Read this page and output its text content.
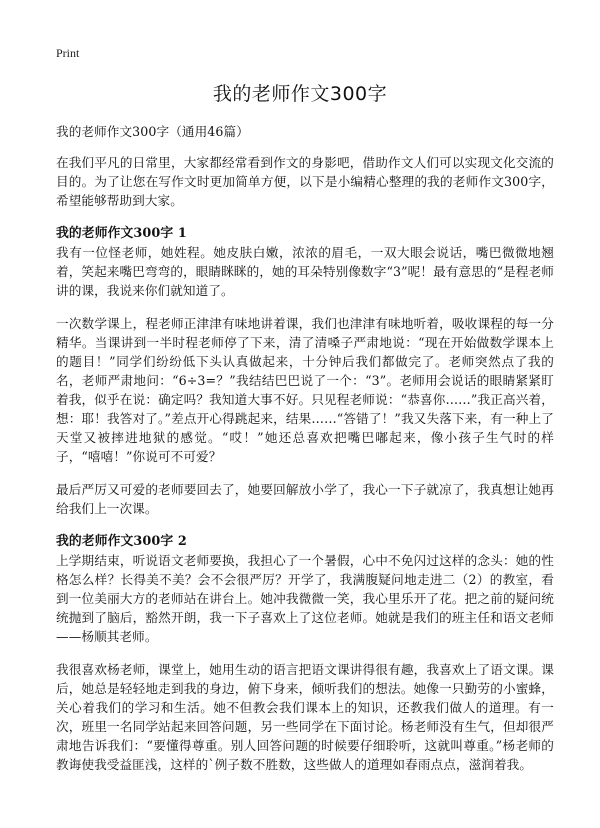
Print
我的老师作文300字

我的老师作文300字（通用46篇）

在我们平凡的日常里，大家都经常看到作文的身影吧，借助作文人们可以实现文化交流的目的。为了让您在写作文时更加简单方便，以下是小编精心整理的我的老师作文300字，希望能够帮助到大家。

我的老师作文300字 1

我有一位怪老师，她姓程。她皮肤白嫩，浓浓的眉毛，一双大眼会说话，嘴巴微微地翘着，笑起来嘴巴弯弯的，眼睛眯眯的，她的耳朵特别像数字“3”呢！最有意思的“是程老师讲的课，我说来你们就知道了。

一次数学课上，程老师正津津有味地讲着课，我们也津津有味地听着，吸收课程的每一分精华。当课讲到一半时程老师停了下来，清了清嗓子严肃地说：“现在开始做数学课本上的题目！”同学们纷纷低下头认真做起来，十分钟后我们都做完了。老师突然点了我的名，老师严肃地问：“6÷3=？”我结结巴巴说了一个：“3”。老师用会说话的眼睛紧紧盯着我，似乎在说：确定吗？我知道大事不好。只见程老师说：“恭喜你……”我正高兴着，想：耶！我答对了。”差点开心得跳起来，结果……“答错了！”我又失落下来，有一种上了天堂又被摔进地狱的感觉。“哎！”她还总喜欢把嘴巴嘟起来，像小孩子生气时的样子，“嘻嘻！”你说可不可爱？

最后严厉又可爱的老师要回去了，她要回解放小学了，我心一下子就凉了，我真想让她再给我们上一次课。

我的老师作文300字 2

上学期结束，听说语文老师要换，我担心了一个暑假，心中不免闪过这样的念头：她的性格怎么样？长得美不美？会不会很严厉？开学了，我满腹疑问地走进二（2）的教室，看到一位美丽大方的老师站在讲台上。她冲我微微一笑，我心里乐开了花。把之前的疑问统统抛到了脑后，豁然开朗，我一下子喜欢上了这位老师。她就是我们的班主任和语文老师——杨顺其老师。

我很喜欢杨老师，课堂上，她用生动的语言把语文课讲得很有趣，我喜欢上了语文课。课后，她总是轻轻地走到我的身边，俯下身来，倾听我们的想法。她像一只勤劳的小蜜蜂，关心着我们的学习和生活。她不但教会我们课本上的知识，还教我们做人的道理。有一次，班里一名同学站起来回答问题，另一些同学在下面讨论。杨老师没有生气，但却很严肃地告诉我们：“要懂得尊重。别人回答问题的时候要仔细聆听，这就叫尊重。”杨老师的教诲使我受益匪浅，这样的`例子数不胜数，这些做人的道理如春雨点点，滋润着我。
